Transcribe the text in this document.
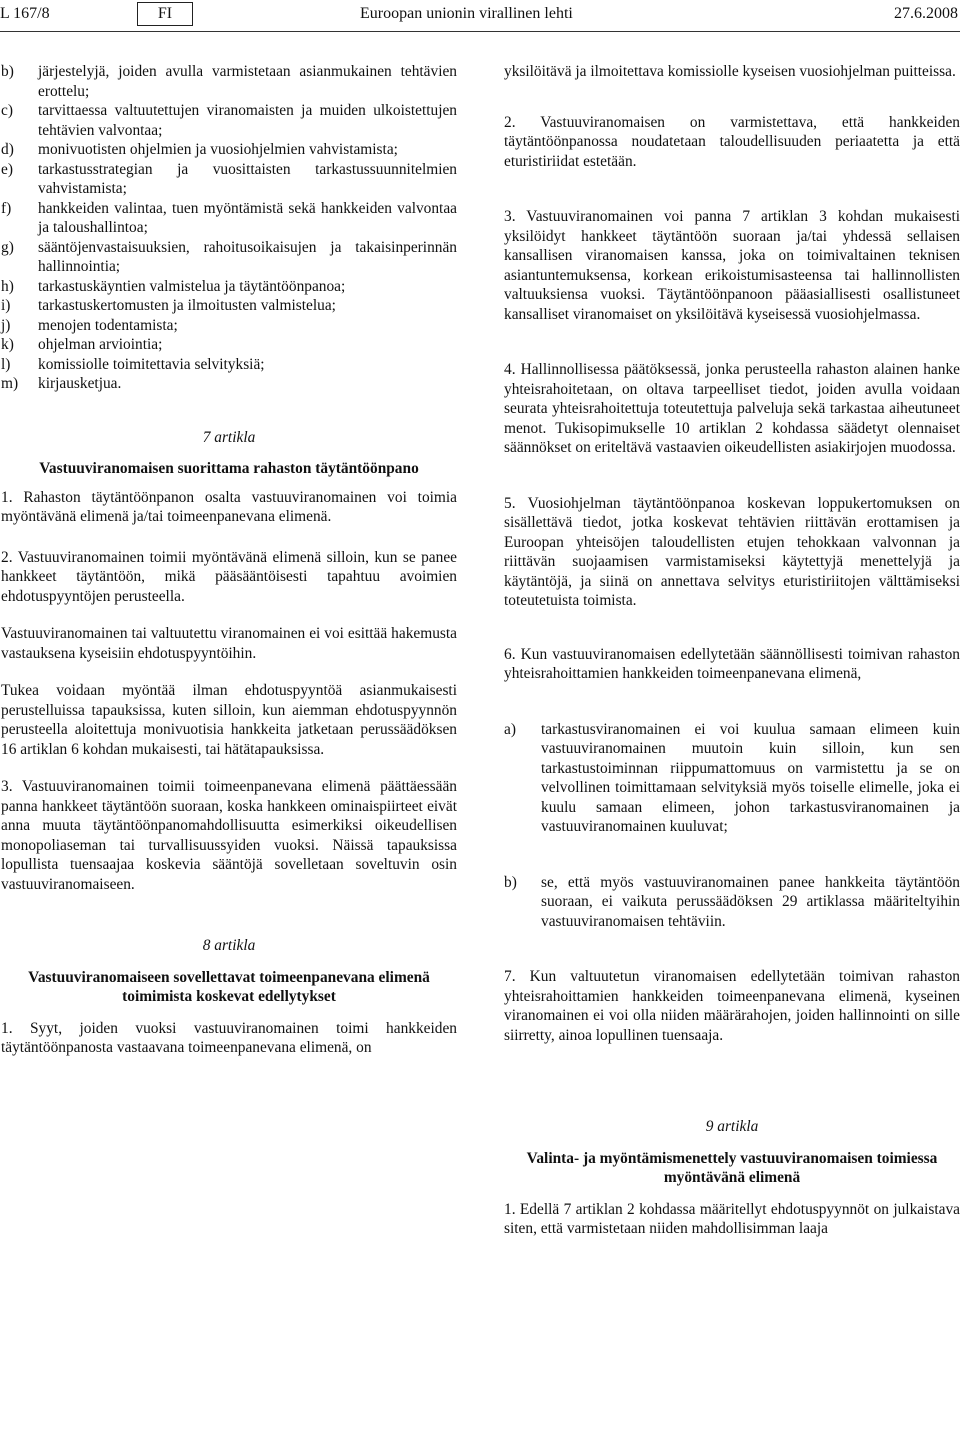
L 167/8	FI	Euroopan unionin virallinen lehti	27.6.2008
b)	järjestelyjä, joiden avulla varmistetaan asianmukainen tehtävien erottelu;
c)	tarvittaessa valtuutettujen viranomaisten ja muiden ulkoistettujen tehtävien valvontaa;
d)	monivuotisten ohjelmien ja vuosiohjelmien vahvistamista;
e)	tarkastusstrategian ja vuosittaisten tarkastussuunnitelmien vahvistamista;
f)	hankkeiden valintaa, tuen myöntämistä sekä hankkeiden valvontaa ja taloushallintoa;
g)	sääntöjenvastaisuuksien, rahoitusoikaisujen ja takaisinperinnän hallinnointia;
h)	tarkastuskäyntien valmistelua ja täytäntöönpanoa;
i)	tarkastuskertomusten ja ilmoitusten valmistelua;
j)	menojen todentamista;
k)	ohjelman arviointia;
l)	komissiolle toimitettavia selvityksiä;
m)	kirjausketjua.

7 artikla

Vastuuviranomaisen suorittama rahaston täytäntöönpano

1. Rahaston täytäntöönpanon osalta vastuuviranomainen voi toimia myöntävänä elimenä ja/tai toimeenpanevana elimenä.

2. Vastuuviranomainen toimii myöntävänä elimenä silloin, kun se panee hankkeet täytäntöön, mikä pääsääntöisesti tapahtuu avoimien ehdotuspyyntöjen perusteella.

Vastuuviranomainen tai valtuutettu viranomainen ei voi esittää hakemusta vastauksena kyseisiin ehdotuspyyntöihin.

Tukea voidaan myöntää ilman ehdotuspyyntöä asianmukaisesti perustelluissa tapauksissa, kuten silloin, kun aiemman ehdotuspyynnön perusteella aloitettuja monivuotisia hankkeita jatketaan perussäädöksen 16 artiklan 6 kohdan mukaisesti, tai hätätapauksissa.

3. Vastuuviranomainen toimii toimeenpanevana elimenä päättäessään panna hankkeet täytäntöön suoraan, koska hankkeen ominaispiirteet eivät anna muuta täytäntöönpanomahdollisuutta esimerkiksi oikeudellisen monopoliaseman tai turvallisuussyiden vuoksi. Näissä tapauksissa lopullista tuensaajaa koskevia sääntöjä sovelletaan soveltuvin osin vastuuviranomaiseen.

8 artikla

Vastuuviranomaiseen sovellettavat toimeenpanevana elimenä toimimista koskevat edellytykset

1. Syyt, joiden vuoksi vastuuviranomainen toimi hankkeiden täytäntöönpanosta vastaavana toimeenpanevana elimenä, on

yksilöitävä ja ilmoitettava komissiolle kyseisen vuosiohjelman puitteissa.

2. Vastuuviranomaisen on varmistettava, että hankkeiden täytäntöönpanossa noudatetaan taloudellisuuden periaatetta ja että eturistiriidat estetään.

3. Vastuuviranomainen voi panna 7 artiklan 3 kohdan mukaisesti yksilöidyt hankkeet täytäntöön suoraan ja/tai yhdessä sellaisen kansallisen viranomaisen kanssa, joka on toimivaltainen teknisen asiantuntemuksensa, korkean erikoistumisasteensa tai hallinnollisten valtuuksiensa vuoksi. Täytäntöönpanoon pääasiallisesti osallistuneet kansalliset viranomaiset on yksilöitävä kyseisessä vuosiohjelmassa.

4. Hallinnollisessa päätöksessä, jonka perusteella rahaston alainen hanke yhteisrahoitetaan, on oltava tarpeelliset tiedot, joiden avulla voidaan seurata yhteisrahoitettuja toteutettuja palveluja sekä tarkastaa aiheutuneet menot. Tukisopimukselle 10 artiklan 2 kohdassa säädetyt olennaiset säännökset on eriteltävä vastaavien oikeudellisten asiakirjojen muodossa.

5. Vuosiohjelman täytäntöönpanoa koskevan loppukertomuksen on sisällettävä tiedot, jotka koskevat tehtävien riittävän erottamisen ja Euroopan yhteisöjen taloudellisten etujen tehokkaan valvonnan ja riittävän suojaamisen varmistamiseksi käytettyjä menettelyjä ja käytäntöjä, ja siinä on annettava selvitys eturistiriitojen välttämiseksi toteutetuista toimista.

6. Kun vastuuviranomaisen edellytetään säännöllisesti toimivan rahaston yhteisrahoittamien hankkeiden toimeenpanevana elimenä,

a)	tarkastusviranomainen ei voi kuulua samaan elimeen kuin vastuuviranomainen muutoin kuin silloin, kun sen tarkastustoiminnan riippumattomuus on varmistettu ja se on velvollinen toimittamaan selvityksiä myös toiselle elimelle, joka ei kuulu samaan elimeen, johon tarkastusviranomainen ja vastuuviranomainen kuuluvat;
b)	se, että myös vastuuviranomainen panee hankkeita täytäntöön suoraan, ei vaikuta perussäädöksen 29 artiklassa määriteltyihin vastuuviranomaisen tehtäviin.

7. Kun valtuutetun viranomaisen edellytetään toimivan rahaston yhteisrahoittamien hankkeiden toimeenpanevana elimenä, kyseinen viranomainen ei voi olla niiden määrärahojen, joiden hallinnointi on sille siirretty, ainoa lopullinen tuensaaja.

9 artikla

Valinta- ja myöntämismenettely vastuuviranomaisen toimiessa myöntävänä elimenä

1. Edellä 7 artiklan 2 kohdassa määritellyt ehdotuspyynnöt on julkaistava siten, että varmistetaan niiden mahdollisimman laaja
